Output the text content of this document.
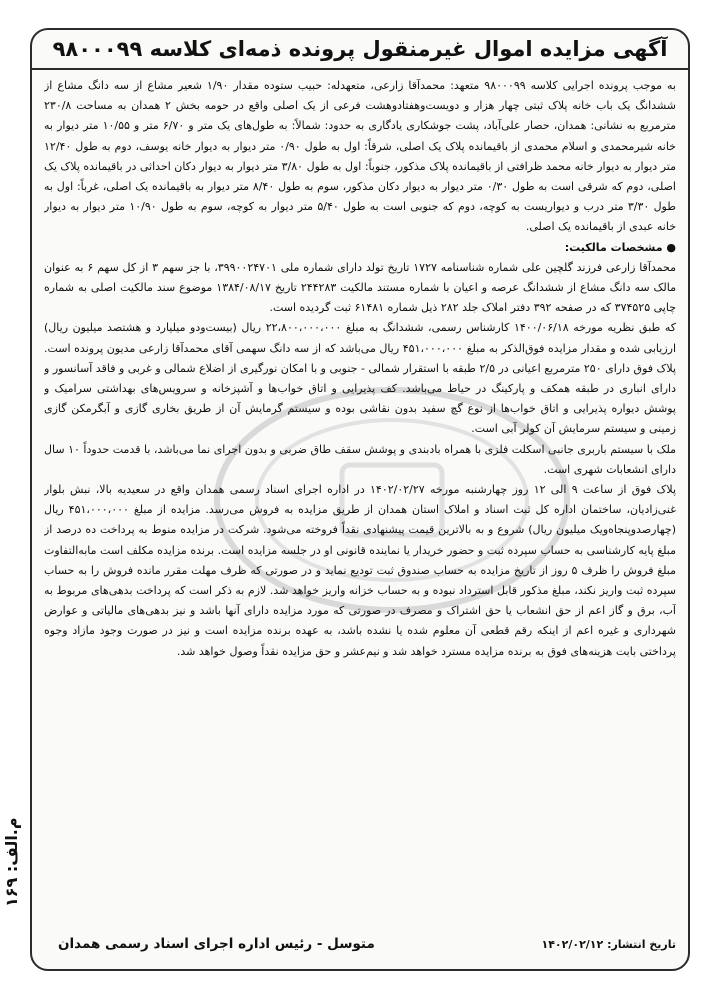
آگهی مزایده اموال غیرمنقول پرونده ذمه‌ای کلاسه ۹۸۰۰۰۹۹

به موجب پرونده اجرایی کلاسه ۹۸۰۰۰۹۹ متعهد: محمدآقا زارعی، متعهدله: حبیب ستوده مقدار ۱/۹۰ شعیر مشاع از سه دانگ مشاع از ششدانگ یک باب خانه پلاک ثبتی چهار هزار و دویست‌وهفتادوهشت فرعی از یک اصلی واقع در حومه بخش ۲ همدان به مساحت ۲۳۰/۸ مترمربع به نشانی: همدان، حصار علی‌آباد، پشت جوشکاری یادگاری به حدود: شمالاً: به طول‌های یک متر و ۶/۷۰ متر و ۱۰/۵۵ متر دیوار به خانه شیرمحمدی و اسلام محمدی از باقیمانده پلاک یک اصلی، شرقاً: اول به طول ۰/۹۰ متر دیوار به دیوار خانه یوسف، دوم به طول ۱۲/۴۰ متر دیوار به دیوار خانه محمد ظرافتی از باقیمانده پلاک مذکور، جنوباً: اول به طول ۳/۸۰ متر دیوار به دیوار دکان احداثی در باقیمانده پلاک یک اصلی، دوم که شرقی است به طول ۰/۳۰ متر دیوار به دیوار دکان مذکور، سوم به طول ۸/۴۰ متر دیوار به باقیمانده یک اصلی، غرباً: اول به طول ۳/۳۰ متر درب و دیواریست به کوچه، دوم که جنوبی است به طول ۵/۴۰ متر دیوار به کوچه، سوم به طول ۱۰/۹۰ متر دیوار به دیوار خانه عبدی از باقیمانده یک اصلی.

● مشخصات مالکیت:

محمدآقا زارعی فرزند گلچین علی شماره شناسنامه ۱۷۲۷ تاریخ تولد دارای شماره ملی ۳۹۹۰۰۲۴۷۰۱، با جز سهم ۳ از کل سهم ۶ به عنوان مالک سه دانگ مشاع از ششدانگ عرصه و اعیان با شماره مستند مالکیت ۲۴۴۲۸۳ تاریخ ۱۳۸۴/۰۸/۱۷ موضوع سند مالکیت اصلی به شماره چاپی ۳۷۴۵۲۵ که در صفحه ۳۹۲ دفتر املاک جلد ۲۸۲ ذیل شماره ۶۱۴۸۱ ثبت گردیده است.

که طبق نظریه مورخه ۱۴۰۰/۰۶/۱۸ کارشناس رسمی، ششدانگ به مبلغ ۲۲،۸۰۰،۰۰۰،۰۰۰ ریال (بیست‌ودو میلیارد و هشتصد میلیون ریال) ارزیابی شده و مقدار مزایده فوق‌الذکر به مبلغ ۴۵۱،۰۰۰،۰۰۰ ریال می‌باشد که از سه دانگ سهمی آقای محمدآقا زارعی مدیون پرونده است. پلاک فوق دارای ۲۵۰ مترمربع اعیانی در ۲/۵ طبقه با استقرار شمالی - جنوبی و با امکان نورگیری از اضلاع شمالی و غربی و فاقد آسانسور و دارای انباری در طبقه همکف و پارکینگ در حیاط می‌باشد. کف پذیرایی و اتاق خواب‌ها و آشپزخانه و سرویس‌های بهداشتی سرامیک و پوشش دیواره پذیرایی و اتاق خواب‌ها از نوع گچ سفید بدون نقاشی بوده و سیستم گرمایش آن از طریق بخاری گازی و آبگرمکن گازی زمینی و سیستم سرمایش آن کولر آبی است.

ملک با سیستم باربری جانبی اسکلت فلزی با همراه بادبندی و پوشش سقف طاق ضربی و بدون اجرای نما می‌باشد، با قدمت حدوداً ۱۰ سال دارای انشعابات شهری است.

پلاک فوق از ساعت ۹ الی ۱۲ روز چهارشنبه مورخه ۱۴۰۲/۰۲/۲۷ در اداره اجرای اسناد رسمی همدان واقع در سعیدیه بالا، نبش بلوار غنی‌زادیان، ساختمان اداره کل ثبت اسناد و املاک استان همدان از طریق مزایده به فروش می‌رسد. مزایده از مبلغ ۴۵۱،۰۰۰،۰۰۰ ریال (چهارصدوپنجاه‌ویک میلیون ریال) شروع و به بالاترین قیمت پیشنهادی نقداً فروخته می‌شود. شرکت در مزایده منوط به پرداخت ده درصد از مبلغ پایه کارشناسی به حساب سپرده ثبت و حضور خریدار یا نماینده قانونی او در جلسه مزایده است. برنده مزایده مکلف است مابه‌التفاوت مبلغ فروش را ظرف ۵ روز از تاریخ مزایده به حساب صندوق ثبت تودیع نماید و در صورتی که ظرف مهلت مقرر مانده فروش را به حساب سپرده ثبت واریز نکند، مبلغ مذکور قابل استرداد نبوده و به حساب خزانه واریز خواهد شد. لازم به ذکر است که پرداخت بدهی‌های مربوط به آب، برق و گاز اعم از حق انشعاب یا حق اشتراک و مصرف در صورتی که مورد مزایده دارای آنها باشد و نیز بدهی‌های مالیاتی و عوارض شهرداری و غیره اعم از اینکه رقم قطعی آن معلوم شده یا نشده باشد، به عهده برنده مزایده است و نیز در صورت وجود مازاد وجوه پرداختی بابت هزینه‌های فوق به برنده مزایده مسترد خواهد شد و نیم‌عشر و حق مزایده نقداً وصول خواهد شد.

تاریخ انتشار: ۱۴۰۲/۰۲/۱۲
متوسل - رئیس اداره اجرای اسناد رسمی همدان
م.الف: ۱۶۹
